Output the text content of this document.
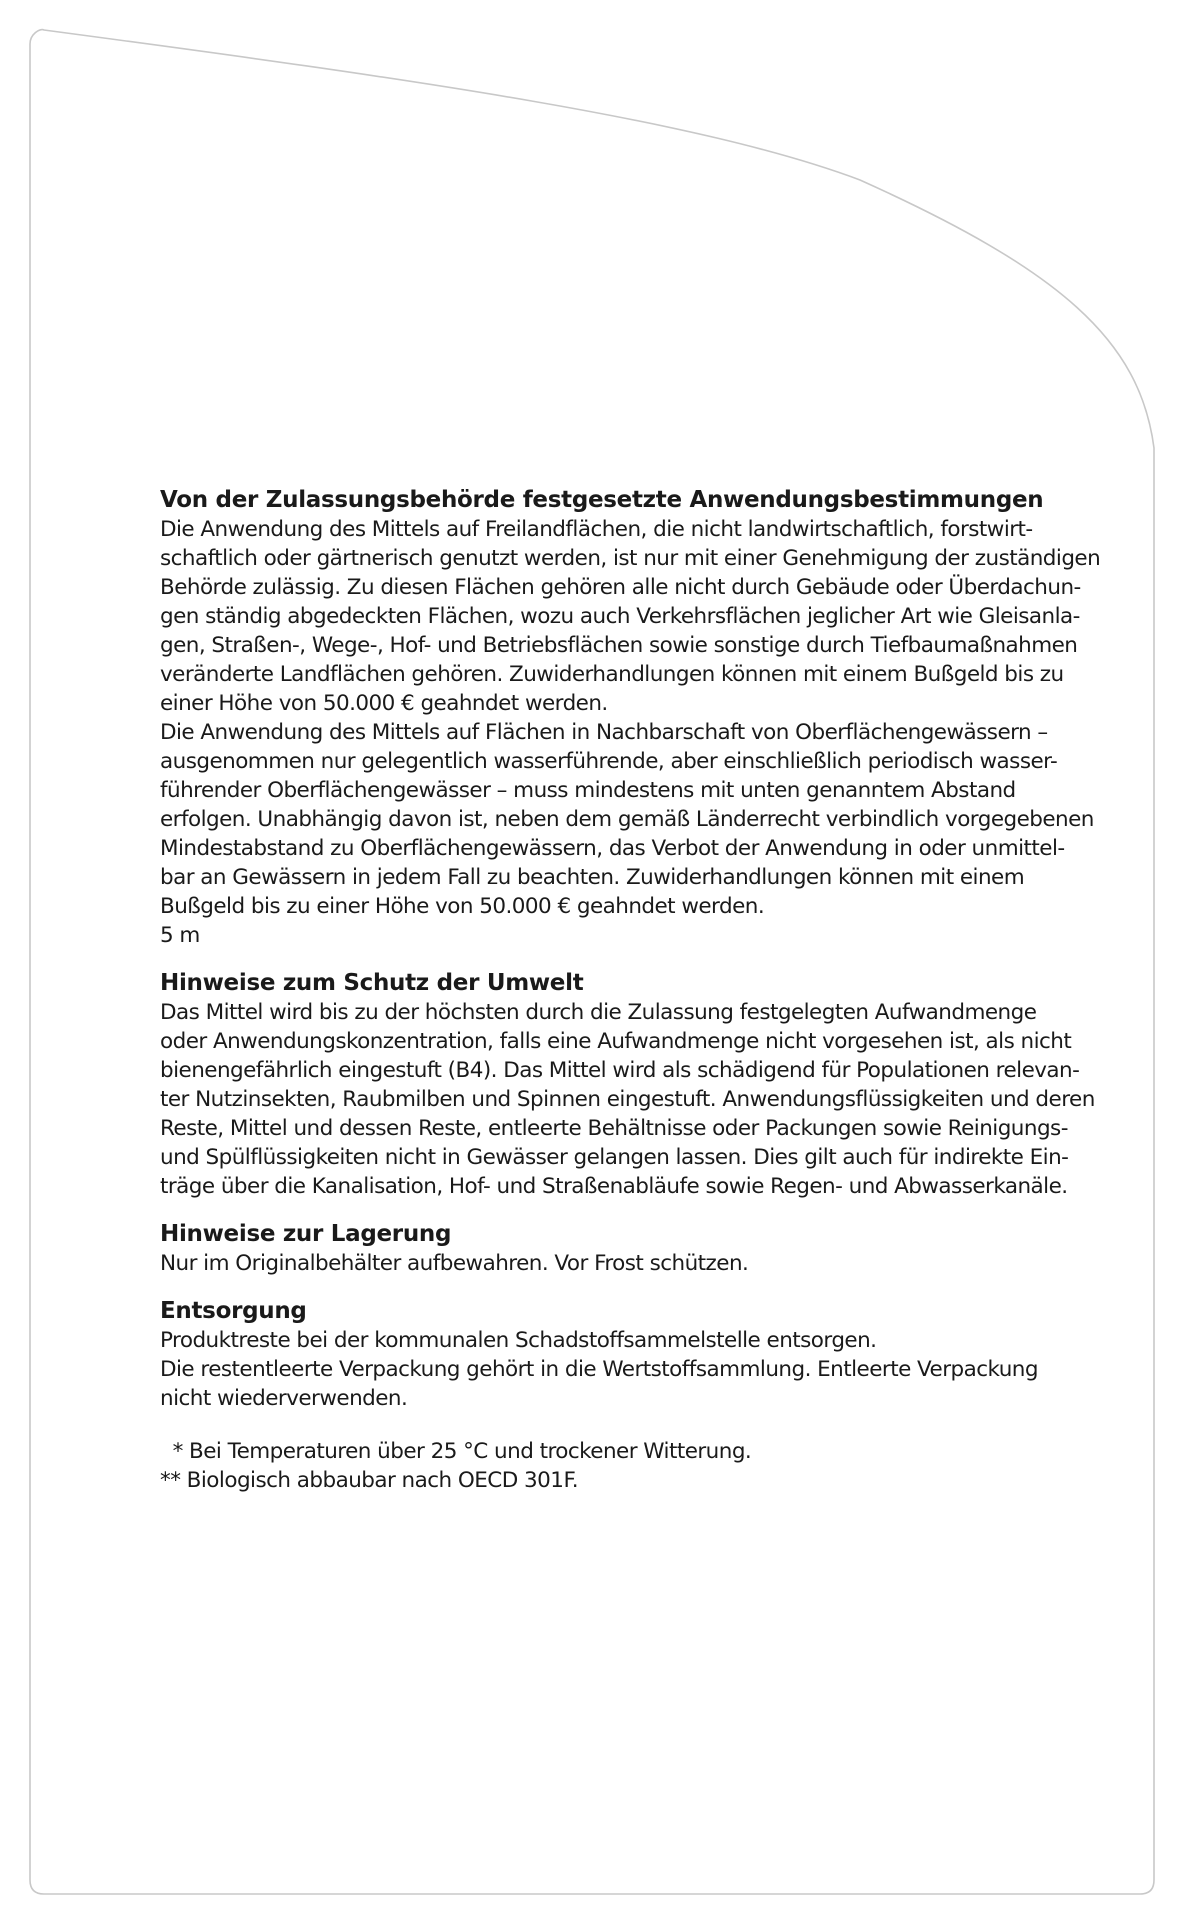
Von der Zulassungsbehörde festgesetzte Anwendungsbestimmungen

Die Anwendung des Mittels auf Freilandflächen, die nicht landwirtschaftlich, forstwirt-
schaftlich oder gärtnerisch genutzt werden, ist nur mit einer Genehmigung der zuständigen
Behörde zulässig. Zu diesen Flächen gehören alle nicht durch Gebäude oder Überdachun-
gen ständig abgedeckten Flächen, wozu auch Verkehrsflächen jeglicher Art wie Gleisanla-
gen, Straßen-, Wege-, Hof- und Betriebsflächen sowie sonstige durch Tiefbaumaßnahmen
veränderte Landflächen gehören. Zuwiderhandlungen können mit einem Bußgeld bis zu
einer Höhe von 50.000 € geahndet werden.

Die Anwendung des Mittels auf Flächen in Nachbarschaft von Oberflächengewässern –
ausgenommen nur gelegentlich wasserführende, aber einschließlich periodisch wasser-
führender Oberflächengewässer – muss mindestens mit unten genanntem Abstand
erfolgen. Unabhängig davon ist, neben dem gemäß Länderrecht verbindlich vorgegebenen
Mindestabstand zu Oberflächengewässern, das Verbot der Anwendung in oder unmittel-
bar an Gewässern in jedem Fall zu beachten. Zuwiderhandlungen können mit einem
Bußgeld bis zu einer Höhe von 50.000 € geahndet werden.
5 m

Hinweise zum Schutz der Umwelt

Das Mittel wird bis zu der höchsten durch die Zulassung festgelegten Aufwandmenge
oder Anwendungskonzentration, falls eine Aufwandmenge nicht vorgesehen ist, als nicht
bienengefährlich eingestuft (B4). Das Mittel wird als schädigend für Populationen relevan-
ter Nutzinsekten, Raubmilben und Spinnen eingestuft. Anwendungsflüssigkeiten und deren
Reste, Mittel und dessen Reste, entleerte Behältnisse oder Packungen sowie Reinigungs-
und Spülflüssigkeiten nicht in Gewässer gelangen lassen. Dies gilt auch für indirekte Ein-
träge über die Kanalisation, Hof- und Straßenabläufe sowie Regen- und Abwasserkanäle.

Hinweise zur Lagerung

Nur im Originalbehälter aufbewahren. Vor Frost schützen.

Entsorgung

Produktreste bei der kommunalen Schadstoffsammelstelle entsorgen.
Die restentleerte Verpackung gehört in die Wertstoffsammlung. Entleerte Verpackung
nicht wiederverwenden.

* Bei Temperaturen über 25 °C und trockener Witterung.

** Biologisch abbaubar nach OECD 301F.
